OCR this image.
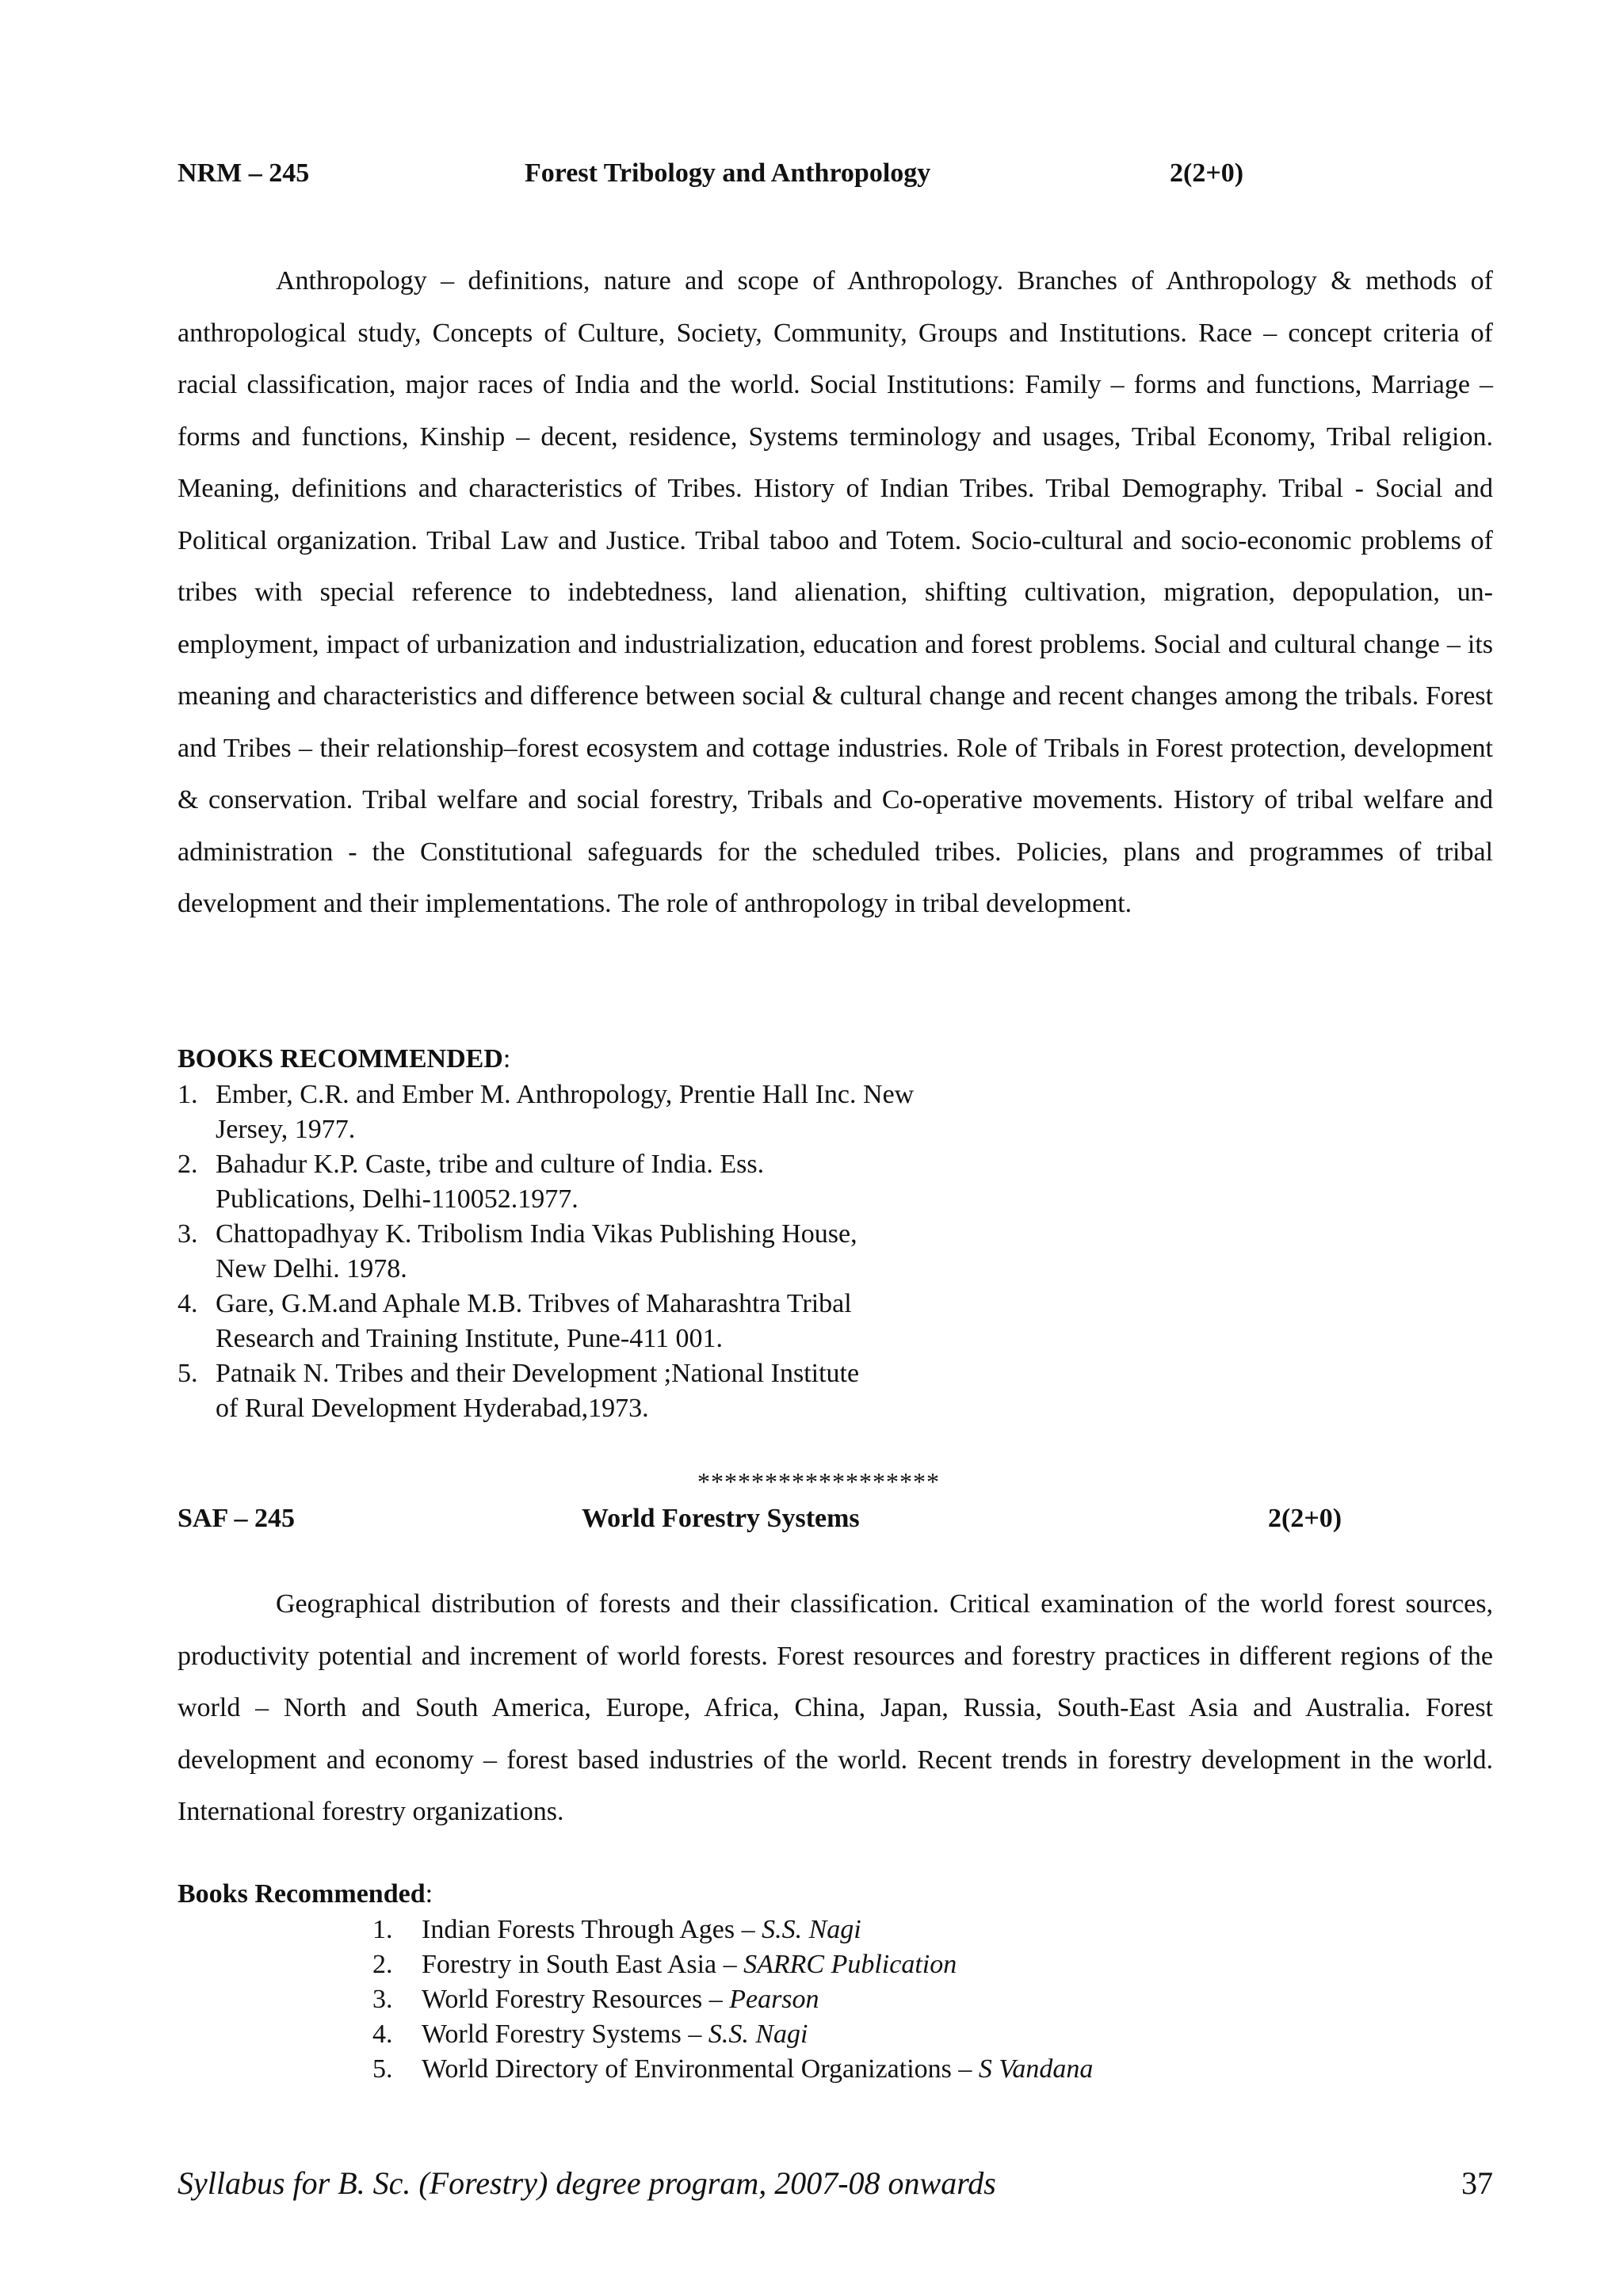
NRM – 245	Forest Tribology and Anthropology	2(2+0)

Anthropology – definitions, nature and scope of Anthropology. Branches of Anthropology & methods of anthropological study, Concepts of Culture, Society, Community, Groups and Institutions. Race – concept criteria of racial classification, major races of India and the world. Social Institutions: Family – forms and functions, Marriage – forms and functions, Kinship – decent, residence, Systems terminology and usages, Tribal Economy, Tribal religion. Meaning, definitions and characteristics of Tribes. History of Indian Tribes. Tribal Demography. Tribal - Social and Political organization. Tribal Law and Justice. Tribal taboo and Totem. Socio-cultural and socio-economic problems of tribes with special reference to indebtedness, land alienation, shifting cultivation, migration, depopulation, un-employment, impact of urbanization and industrialization, education and forest problems. Social and cultural change – its meaning and characteristics and difference between social & cultural change and recent changes among the tribals. Forest and Tribes – their relationship–forest ecosystem and cottage industries. Role of Tribals in Forest protection, development & conservation. Tribal welfare and social forestry, Tribals and Co-operative movements. History of tribal welfare and administration - the Constitutional safeguards for the scheduled tribes. Policies, plans and programmes of tribal development and their implementations. The role of anthropology in tribal development.

BOOKS RECOMMENDED:
1. Ember, C.R. and Ember M. Anthropology, Prentie Hall Inc. New
Jersey, 1977.
2. Bahadur K.P. Caste, tribe and culture of India. Ess.
Publications, Delhi-110052.1977.
3. Chattopadhyay K. Tribolism India Vikas Publishing House,
New Delhi. 1978.
4. Gare, G.M.and Aphale M.B. Tribves of Maharashtra Tribal
Research and Training Institute, Pune-411 001.
5. Patnaik N. Tribes and their Development ;National Institute
of Rural Development Hyderabad,1973.
******************
SAF – 245	World Forestry Systems	2(2+0)

Geographical distribution of forests and their classification. Critical examination of the world forest sources, productivity potential and increment of world forests. Forest resources and forestry practices in different regions of the world – North and South America, Europe, Africa, China, Japan, Russia, South-East Asia and Australia. Forest development and economy – forest based industries of the world. Recent trends in forestry development in the world. International forestry organizations.

Books Recommended:
1. Indian Forests Through Ages – S.S. Nagi
2. Forestry in South East Asia – SARRC Publication
3. World Forestry Resources – Pearson
4. World Forestry Systems – S.S. Nagi
5. World Directory of Environmental Organizations – S Vandana
Syllabus for B. Sc. (Forestry) degree program, 2007-08 onwards	37
